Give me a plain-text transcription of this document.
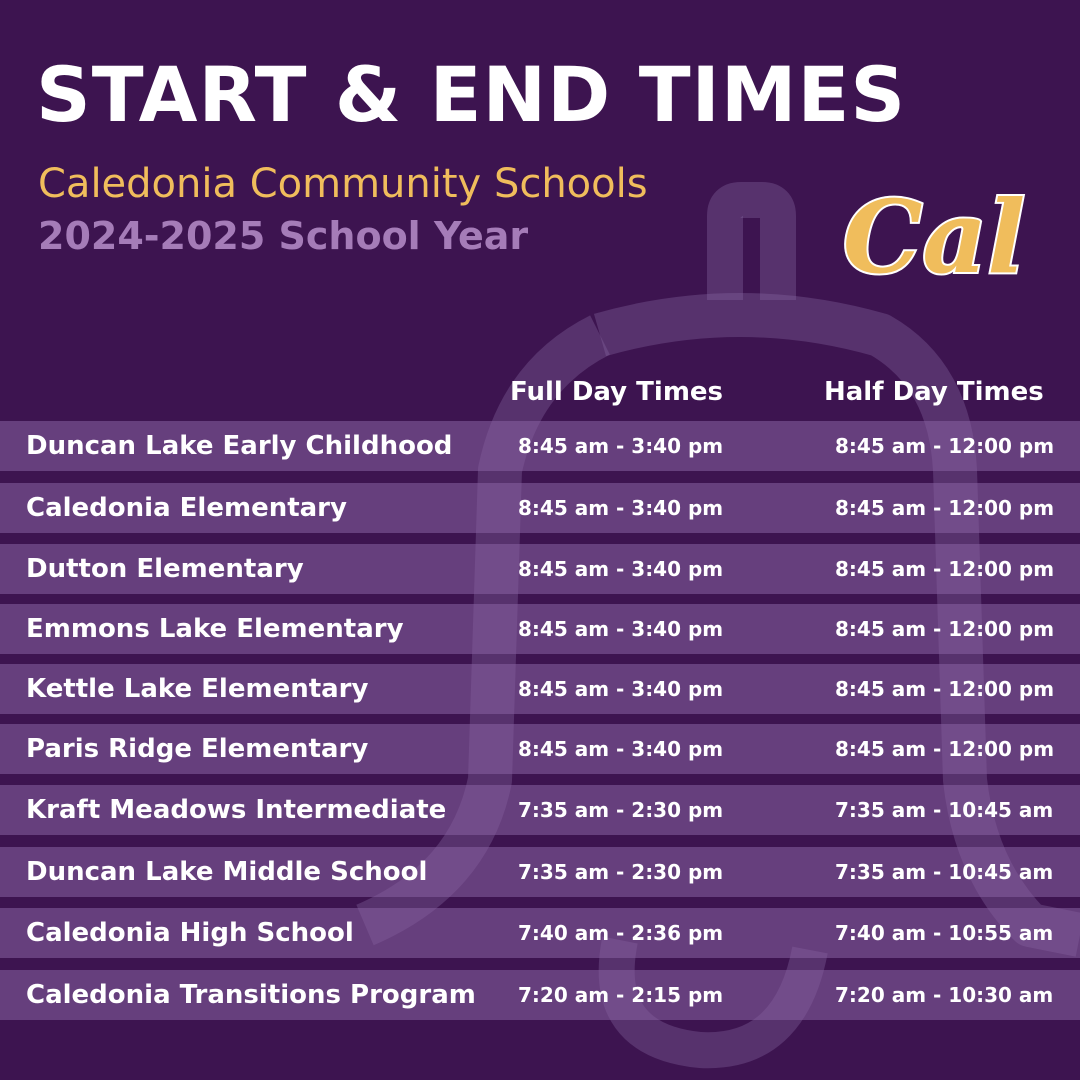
START & END TIMES
Caledonia Community Schools
2024-2025 School Year	Cal
Full Day Times	Half Day Times
Duncan Lake Early Childhood	8:45 am - 3:40 pm	8:45 am - 12:00 pm
Caledonia Elementary	8:45 am - 3:40 pm	8:45 am - 12:00 pm
Dutton Elementary	8:45 am - 3:40 pm	8:45 am - 12:00 pm
Emmons Lake Elementary	8:45 am - 3:40 pm	8:45 am - 12:00 pm
Kettle Lake Elementary	8:45 am - 3:40 pm	8:45 am - 12:00 pm
Paris Ridge Elementary	8:45 am - 3:40 pm	8:45 am - 12:00 pm
Kraft Meadows Intermediate	7:35 am - 2:30 pm	7:35 am - 10:45 am
Duncan Lake Middle School	7:35 am - 2:30 pm	7:35 am - 10:45 am
Caledonia High School	7:40 am - 2:36 pm	7:40 am - 10:55 am
Caledonia Transitions Program 7:20 am - 2:15 pm	7:20 am - 10:30 am
